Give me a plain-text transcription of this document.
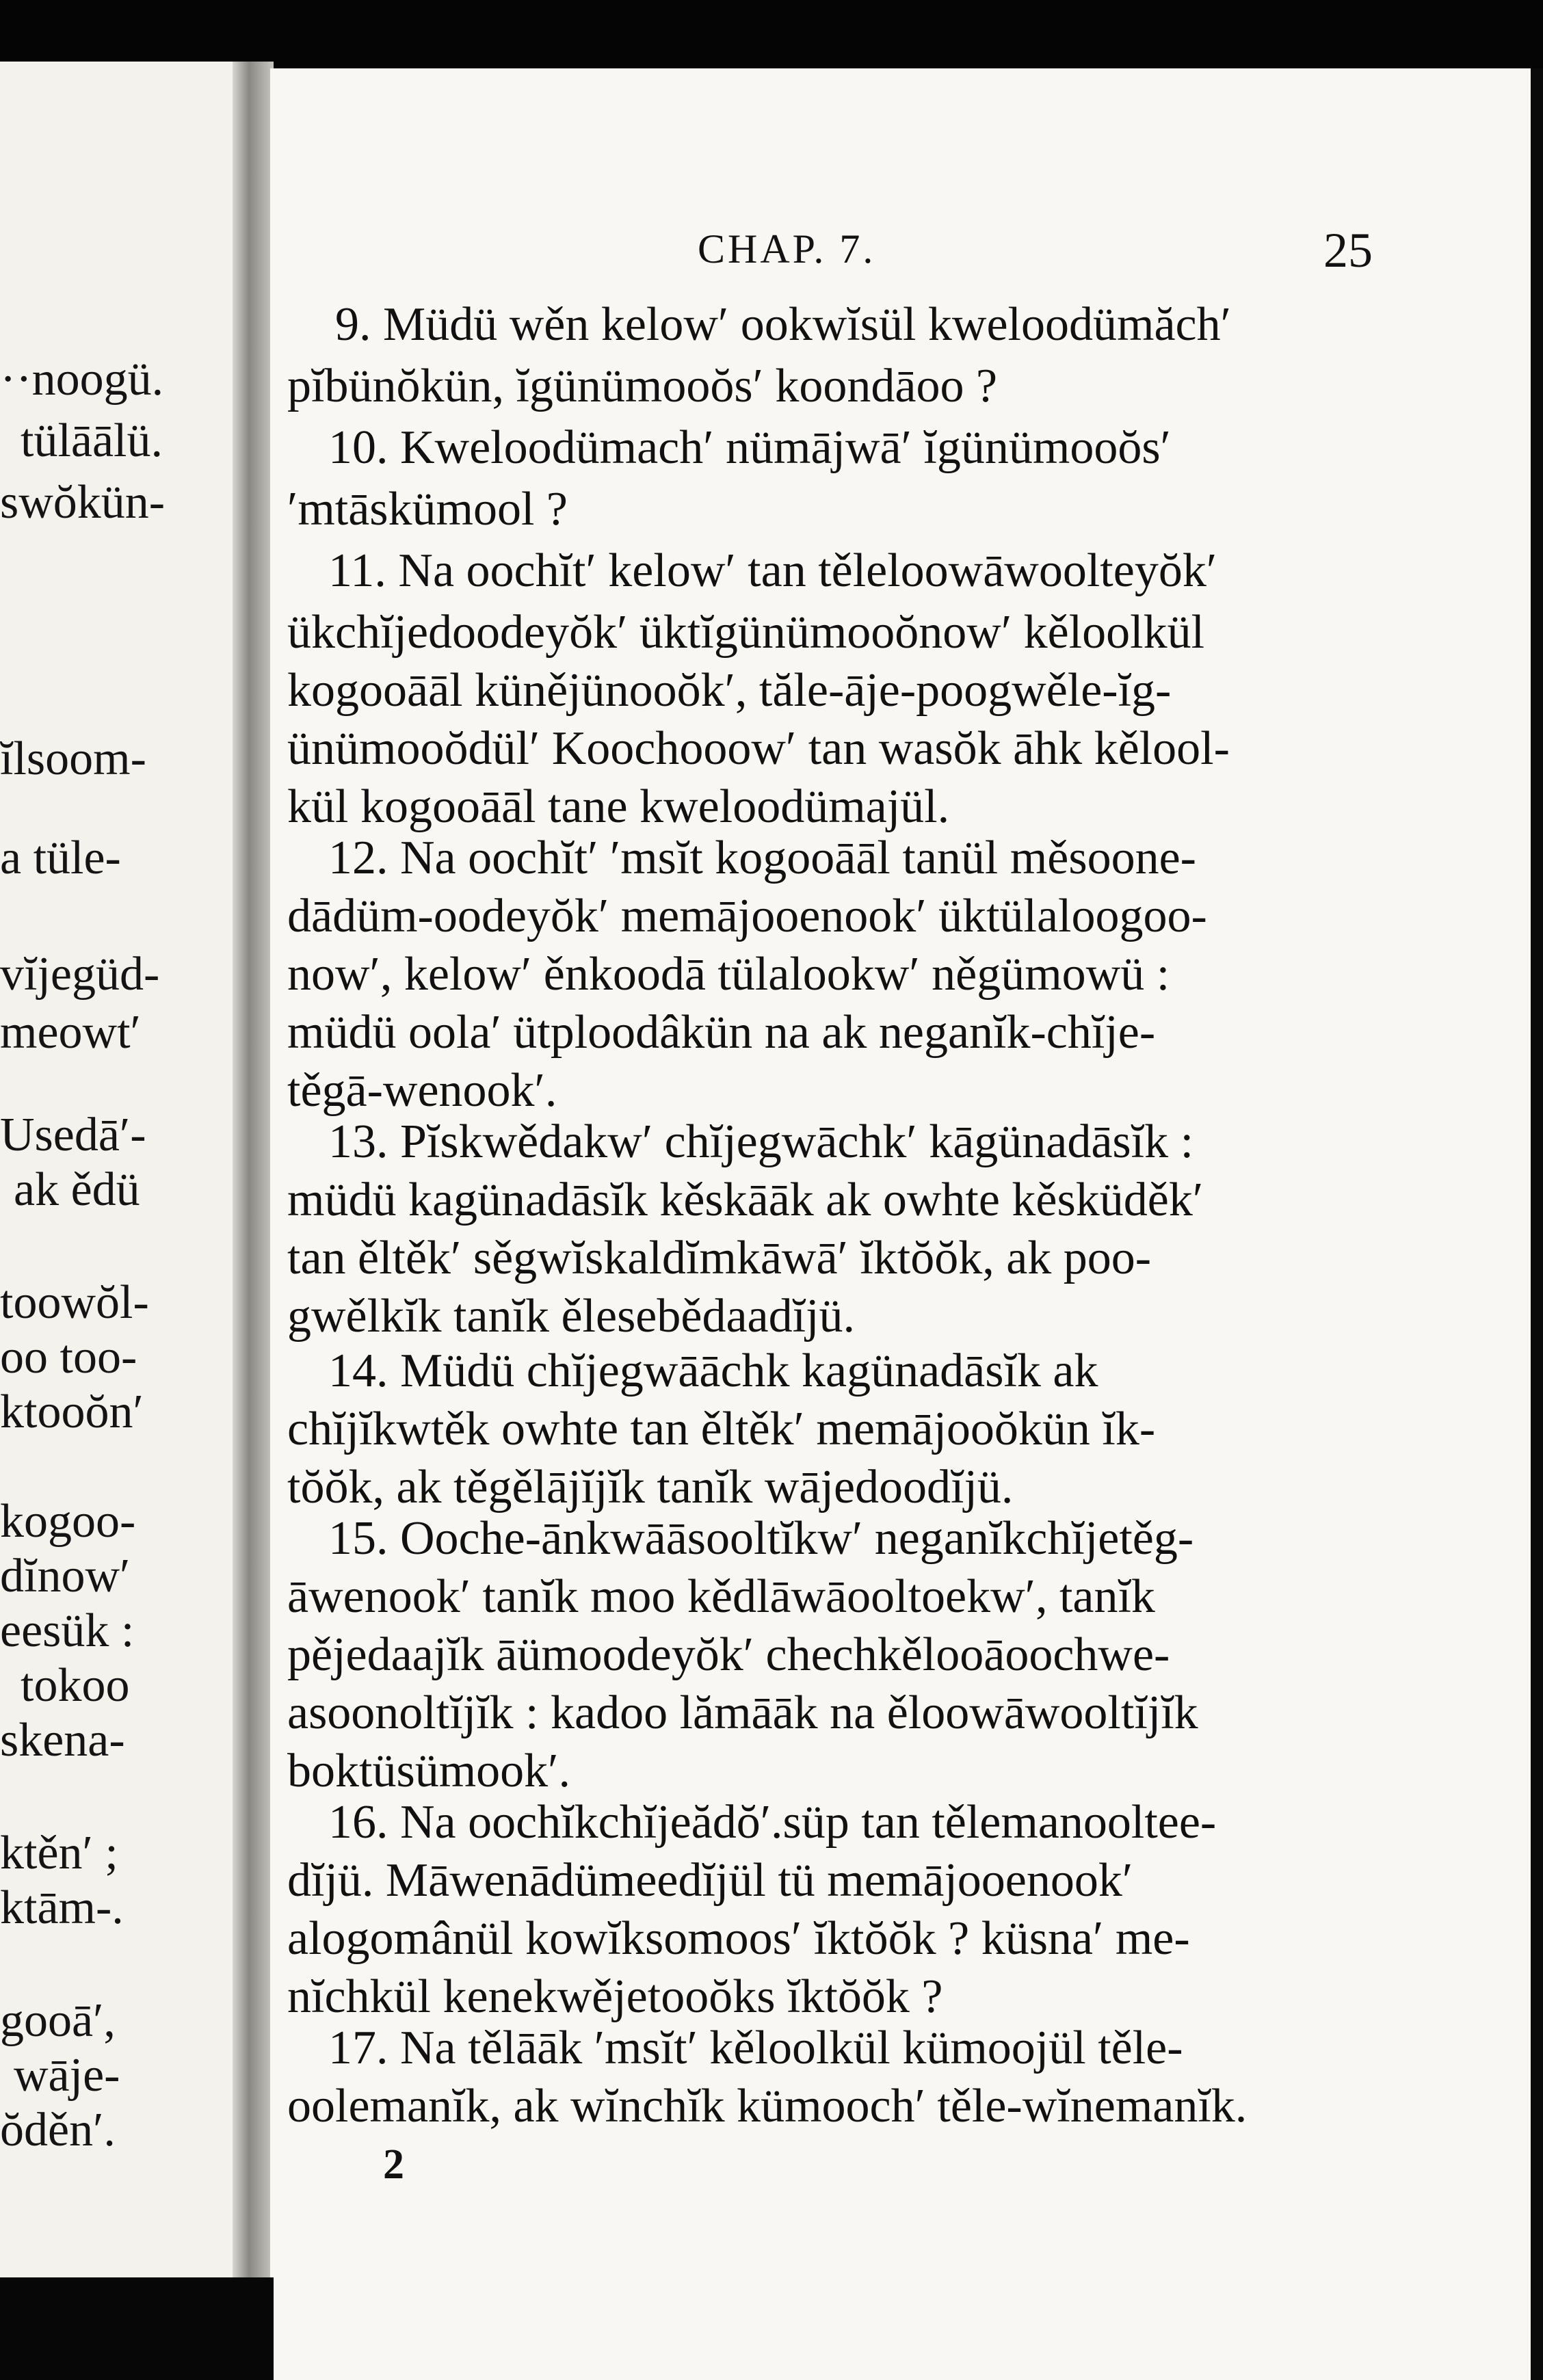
··noogü.
tülāālü.
swŏkün-
ĭlsoom-
a tüle-
vĭjegüd-
meowt′
Usedā′-
ak ědü
toowŏl-
oo too-
ktooŏn′
kogoo-
dĭnow′
eesük :
tokoo
skena-
ktěn′ ;
ktām-.
gooā′,
wāje-
ŏděn′.
CHAP. 7.	25
9. Müdü wěn kelow′ ookwĭsül kweloodümăch′
pĭbünŏkün, ĭgünümooŏs′ koondāoo ?
10. Kweloodümach′ nümājwā′ ĭgünümooŏs′
′mtāskümool ?
11. Na oochĭt′ kelow′ tan těleloowāwoolteyŏk′
ükchĭjedoodeyŏk′ üktĭgünümooŏnow′ kěloolkül
kogooāāl künějünooŏk′, tăle-āje-poogwěle-ĭg-
ünümooŏdül′ Koochooow′ tan wasŏk āhk kělool-
kül kogooāāl tane kweloodümajül.
12. Na oochĭt′ ′msĭt kogooāāl tanül měsoone-
dādüm-oodeyŏk′ memājooenook′ üktülaloogoo-
now′, kelow′ ěnkoodā tülalookw′ něgümowü :
müdü oola′ ütploodâkün na ak neganĭk-chĭje-
těgā-wenook′.
13. Pĭskwědakw′ chĭjegwāchk′ kāgünadāsĭk :
müdü kagünadāsĭk kěskāāk ak owhte kěsküděk′
tan ěltěk′ sěgwĭskaldĭmkāwā′ ĭktŏŏk, ak poo-
gwělkĭk tanĭk ělesebědaadĭjü.
14. Müdü chĭjegwāāchk kagünadāsĭk ak
chĭjĭkwtěk owhte tan ěltěk′ memājooŏkün ĭk-
tŏŏk, ak těgělājĭjĭk tanĭk wājedoodĭjü.
15. Ooche-ānkwāāsooltĭkw′ neganĭkchĭjetěg-
āwenook′ tanĭk moo kědlāwāooltoekw′, tanĭk
pějedaajĭk āümoodeyŏk′ chechkělooāoochwe-
asoonoltĭjĭk : kadoo lămāāk na ěloowāwooltĭjĭk
boktüsümook′.
16. Na oochĭkchĭjeădŏ′.süp tan tělemanooltee-
dĭjü. Māwenādümeedĭjül tü memājooenook′
alogomânül kowĭksomoos′ ĭktŏŏk ? küsna′ me-
nĭchkül kenekwějetooŏks ĭktŏŏk ?
17. Na tělāāk ′msĭt′ kěloolkül kümoojül těle-
oolemanĭk, ak wĭnchĭk kümooch′ těle-wĭnemanĭk.
2
